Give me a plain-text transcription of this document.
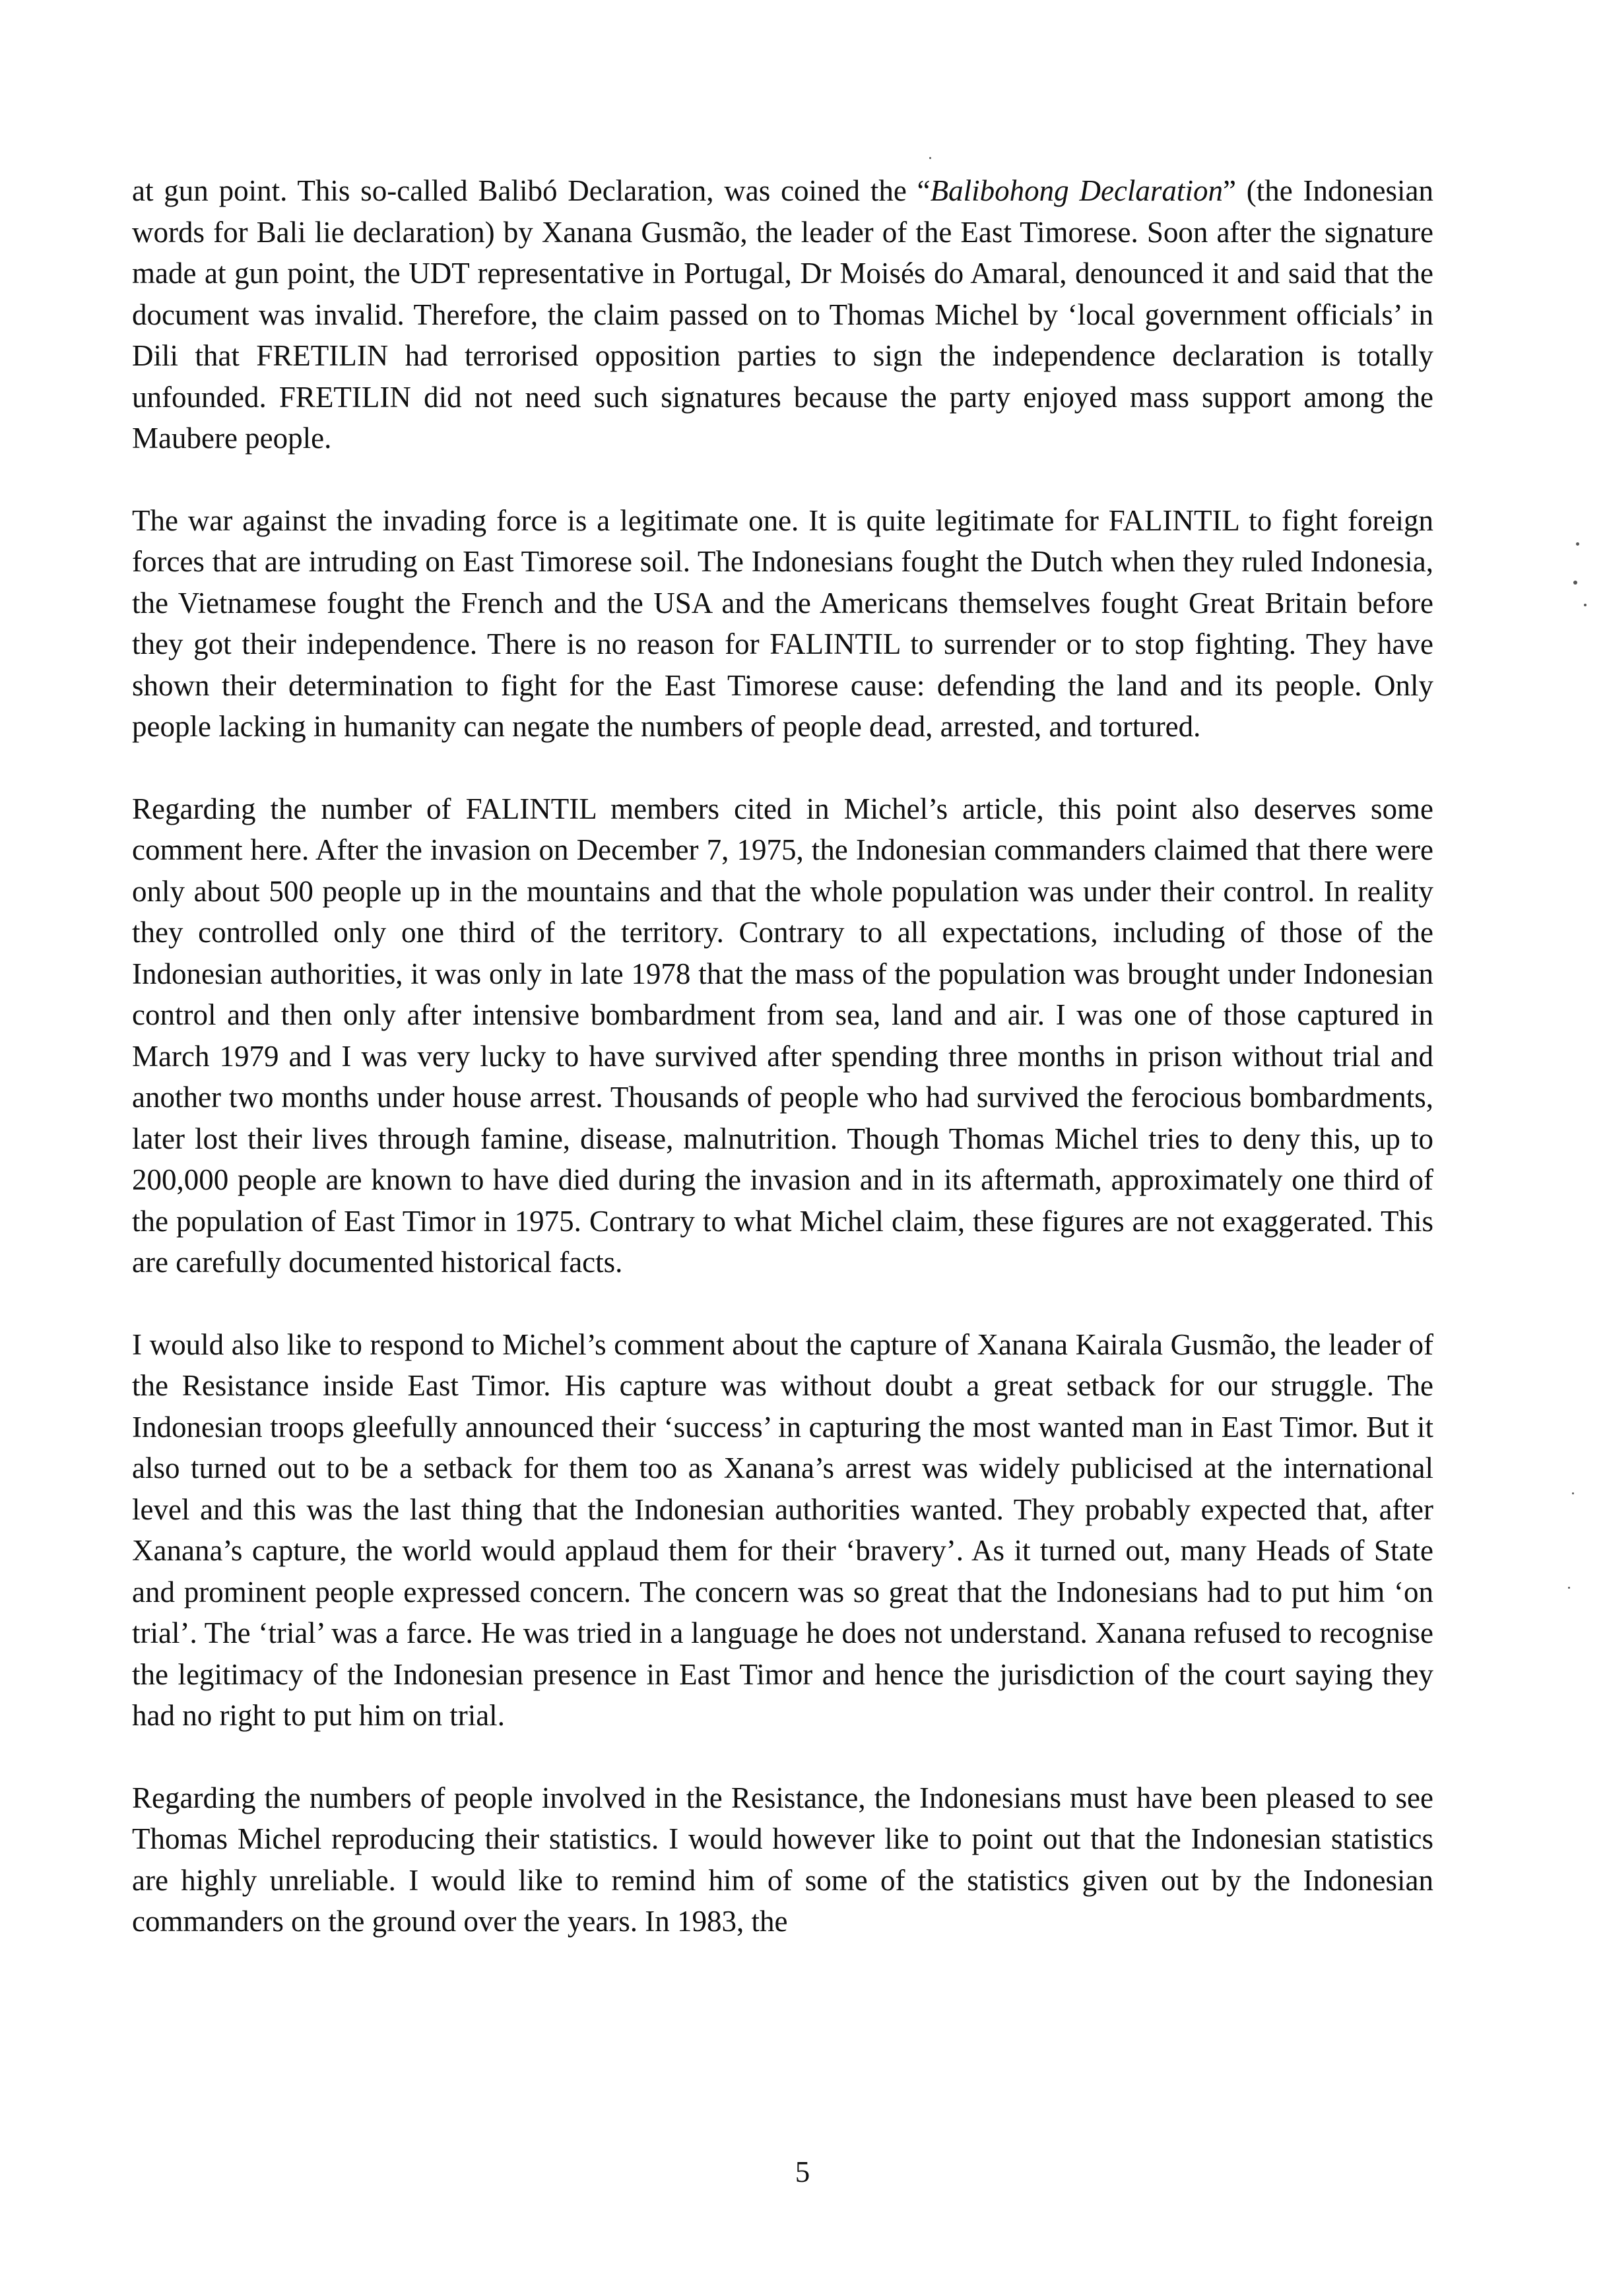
at gun point. This so-called Balibó Declaration, was coined the “Balibohong Declaration” (the Indonesian words for Bali lie declaration) by Xanana Gusmão, the leader of the East Timorese. Soon after the signature made at gun point, the UDT representative in Portugal, Dr Moisés do Amaral, denounced it and said that the document was invalid. Therefore, the claim passed on to Thomas Michel by ‘local government officials’ in Dili that FRETILIN had terrorised opposition parties to sign the independence declaration is totally unfounded. FRETILIN did not need such signatures because the party enjoyed mass support among the Maubere people.

The war against the invading force is a legitimate one. It is quite legitimate for FALINTIL to fight foreign forces that are intruding on East Timorese soil. The Indonesians fought the Dutch when they ruled Indonesia, the Vietnamese fought the French and the USA and the Americans themselves fought Great Britain before they got their independence. There is no reason for FALINTIL to surrender or to stop fighting. They have shown their determination to fight for the East Timorese cause: defending the land and its people. Only people lacking in humanity can negate the numbers of people dead, arrested, and tortured.

Regarding the number of FALINTIL members cited in Michel’s article, this point also deserves some comment here. After the invasion on December 7, 1975, the Indonesian commanders claimed that there were only about 500 people up in the mountains and that the whole population was under their control. In reality they controlled only one third of the territory. Contrary to all expectations, including of those of the Indonesian authorities, it was only in late 1978 that the mass of the population was brought under Indonesian control and then only after intensive bombardment from sea, land and air. I was one of those captured in March 1979 and I was very lucky to have survived after spending three months in prison without trial and another two months under house arrest. Thousands of people who had survived the ferocious bombardments, later lost their lives through famine, disease, malnutrition. Though Thomas Michel tries to deny this, up to 200,000 people are known to have died during the invasion and in its aftermath, approximately one third of the population of East Timor in 1975. Contrary to what Michel claim, these figures are not exaggerated. This are carefully documented historical facts.

I would also like to respond to Michel’s comment about the capture of Xanana Kairala Gusmão, the leader of the Resistance inside East Timor. His capture was without doubt a great setback for our struggle. The Indonesian troops gleefully announced their ‘success’ in capturing the most wanted man in East Timor. But it also turned out to be a setback for them too as Xanana’s arrest was widely publicised at the international level and this was the last thing that the Indonesian authorities wanted. They probably expected that, after Xanana’s capture, the world would applaud them for their ‘bravery’. As it turned out, many Heads of State and prominent people expressed concern. The concern was so great that the Indonesians had to put him ‘on trial’. The ‘trial’ was a farce. He was tried in a language he does not understand. Xanana refused to recognise the legitimacy of the Indonesian presence in East Timor and hence the jurisdiction of the court saying they had no right to put him on trial.

Regarding the numbers of people involved in the Resistance, the Indonesians must have been pleased to see Thomas Michel reproducing their statistics. I would however like to point out that the Indonesian statistics are highly unreliable. I would like to remind him of some of the statistics given out by the Indonesian commanders on the ground over the years. In 1983, the

5
